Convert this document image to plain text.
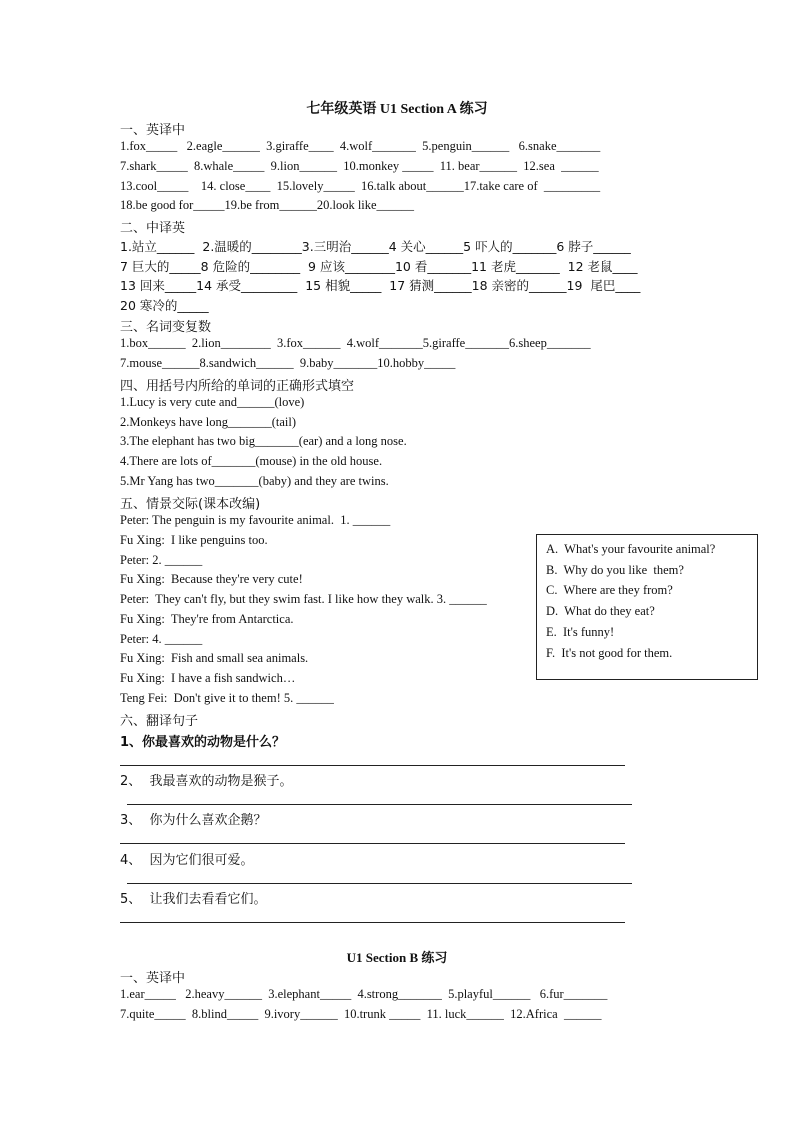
七年级英语 U1 Section A 练习
一、英译中
1.fox_____   2.eagle______  3.giraffe____  4.wolf_______  5.penguin______   6.snake_______
7.shark_____  8.whale_____  9.lion______  10.monkey _____  11. bear______  12.sea  ______
13.cool_____    14. close____  15.lovely_____  16.talk about______17.take care of  _________
18.be good for_____19.be from______20.look like______
二、中译英
1.站立______  2.温暖的________3.三明治______4 关心______5 吓人的_______6 脖子______
7 巨大的_____8 危险的________  9 应该________10 看_______11 老虎_______  12 老鼠____
13 回来_____14 承受_________  15 相貌_____  17 猜测______18 亲密的______19  尾巴____
20 寒冷的_____
三、名词变复数
1.box______  2.lion________  3.fox______  4.wolf_______5.giraffe_______6.sheep_______
7.mouse______8.sandwich______  9.baby_______10.hobby_____
四、用括号内所给的单词的正确形式填空
1.Lucy is very cute and______(love)
2.Monkeys have long_______(tail)
3.The elephant has two big_______(ear) and a long nose.
4.There are lots of_______(mouse) in the old house.
5.Mr Yang has two_______(baby) and they are twins.
五、情景交际(课本改编)
Peter: The penguin is my favourite animal.  1. ______
Fu Xing:  I like penguins too.
Peter: 2. ______
Fu Xing:  Because they're very cute!
Peter:  They can't fly, but they swim fast. I like how they walk. 3. ______
Fu Xing:  They're from Antarctica.
Peter: 4. ______
Fu Xing:  Fish and small sea animals.
Fu Xing:  I have a fish sandwich…
Teng Fei:  Don't give it to them! 5. ______
A.  What's your favourite animal?
B.  Why do you like  them?
C.  Where are they from?
D.  What do they eat?
E.  It's funny!
F.  It's not good for them.
六、翻译句子
1、你最喜欢的动物是什么？
2、  我最喜欢的动物是猴子。
3、  你为什么喜欢企鹅？
4、  因为它们很可爱。
5、  让我们去看看它们。
U1 Section B 练习
一、英译中
1.ear_____   2.heavy______  3.elephant_____  4.strong_______  5.playful______   6.fur_______
7.quite_____  8.blind_____  9.ivory______  10.trunk _____  11. luck______  12.Africa  ______
